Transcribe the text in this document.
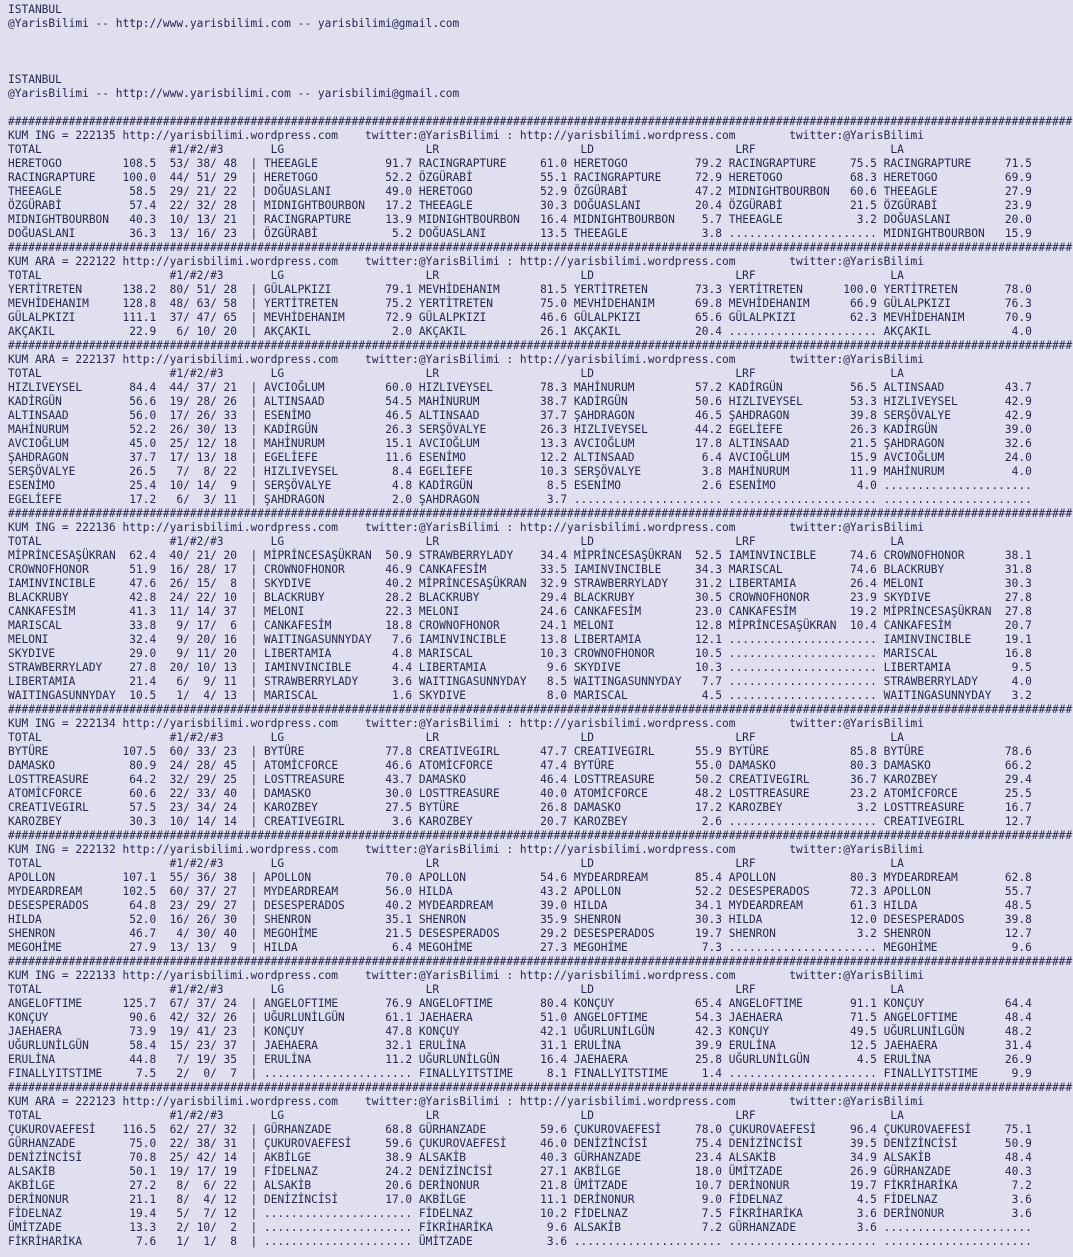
ISTANBUL
@YarisBilimi -- http://www.yarisbilimi.com -- yarisbilimi@gmail.com
ISTANBUL
@YarisBilimi -- http://www.yarisbilimi.com -- yarisbilimi@gmail.com
##############################################################################################################################################################
KUM ING = 222135 http://yarisbilimi.wordpress.com    twitter:@YarisBilimi : http://yarisbilimi.wordpress.com        twitter:@YarisBilimi
TOTAL                   #1/#2/#3       LG                     LR                     LD                     LRF                    LA
HERETOGO         108.5  53/ 38/ 48  | THEEAGLE          91.7 RACINGRAPTURE     61.0 HERETOGO          79.2 RACINGRAPTURE     75.5 RACINGRAPTURE     71.5
RACINGRAPTURE    100.0  44/ 51/ 29  | HERETOGO          52.2 ÖZGÜRABİ          55.1 RACINGRAPTURE     72.9 HERETOGO          68.3 HERETOGO          69.9
THEEAGLE          58.5  29/ 21/ 22  | DOĞUASLANI        49.0 HERETOGO          52.9 ÖZGÜRABİ          47.2 MIDNIGHTBOURBON   60.6 THEEAGLE          27.9
ÖZGÜRABİ          57.4  22/ 32/ 28  | MIDNIGHTBOURBON   17.2 THEEAGLE          30.3 DOĞUASLANI        20.4 ÖZGÜRABİ          21.5 ÖZGÜRABİ          23.9
MIDNIGHTBOURBON   40.3  10/ 13/ 21  | RACINGRAPTURE     13.9 MIDNIGHTBOURBON   16.4 MIDNIGHTBOURBON    5.7 THEEAGLE           3.2 DOĞUASLANI        20.0
DOĞUASLANI        36.3  13/ 16/ 23  | ÖZGÜRABİ           5.2 DOĞUASLANI        13.5 THEEAGLE           3.8 ...................... MIDNIGHTBOURBON   15.9
##############################################################################################################################################################
KUM ARA = 222122 http://yarisbilimi.wordpress.com    twitter:@YarisBilimi : http://yarisbilimi.wordpress.com        twitter:@YarisBilimi
TOTAL                   #1/#2/#3       LG                     LR                     LD                     LRF                    LA
YERTİTRETEN      138.2  80/ 51/ 28  | GÜLALPKIZI        79.1 MEVHİDEHANIM      81.5 YERTİTRETEN       73.3 YERTİTRETEN      100.0 YERTİTRETEN       78.0
MEVHİDEHANIM     128.8  48/ 63/ 58  | YERTİTRETEN       75.2 YERTİTRETEN       75.0 MEVHİDEHANIM      69.8 MEVHİDEHANIM      66.9 GÜLALPKIZI        76.3
GÜLALPKIZI       111.1  37/ 47/ 65  | MEVHİDEHANIM      72.9 GÜLALPKIZI        46.6 GÜLALPKIZI        65.6 GÜLALPKIZI        62.3 MEVHİDEHANIM      70.9
AKÇAKIL           22.9   6/ 10/ 20  | AKÇAKIL            2.0 AKÇAKIL           26.1 AKÇAKIL           20.4 ...................... AKÇAKIL            4.0
##############################################################################################################################################################
KUM ARA = 222137 http://yarisbilimi.wordpress.com    twitter:@YarisBilimi : http://yarisbilimi.wordpress.com        twitter:@YarisBilimi
TOTAL                   #1/#2/#3       LG                     LR                     LD                     LRF                    LA
HIZLIVEYSEL       84.4  44/ 37/ 21  | AVCIOĞLUM         60.0 HIZLIVEYSEL       78.3 MAHİNURUM         57.2 KADİRGÜN          56.5 ALTINSAAD         43.7
KADİRGÜN          56.6  19/ 28/ 26  | ALTINSAAD         54.5 MAHİNURUM         38.7 KADİRGÜN          50.6 HIZLIVEYSEL       53.3 HIZLIVEYSEL       42.9
ALTINSAAD         56.0  17/ 26/ 33  | ESENİMO           46.5 ALTINSAAD         37.7 ŞAHDRAGON         46.5 ŞAHDRAGON         39.8 SERŞÖVALYE        42.9
MAHİNURUM         52.2  26/ 30/ 13  | KADİRGÜN          26.3 SERŞÖVALYE        26.3 HIZLIVEYSEL       44.2 EGELİEFE          26.3 KADİRGÜN          39.0
AVCIOĞLUM         45.0  25/ 12/ 18  | MAHİNURUM         15.1 AVCIOĞLUM         13.3 AVCIOĞLUM         17.8 ALTINSAAD         21.5 ŞAHDRAGON         32.6
ŞAHDRAGON         37.7  17/ 13/ 18  | EGELİEFE          11.6 ESENİMO           12.2 ALTINSAAD          6.4 AVCIOĞLUM         15.9 AVCIOĞLUM         24.0
SERŞÖVALYE        26.5   7/  8/ 22  | HIZLIVEYSEL        8.4 EGELİEFE          10.3 SERŞÖVALYE         3.8 MAHİNURUM         11.9 MAHİNURUM          4.0
ESENİMO           25.4  10/ 14/  9  | SERŞÖVALYE         4.8 KADİRGÜN           8.5 ESENİMO            2.6 ESENİMO            4.0 ......................
EGELİEFE          17.2   6/  3/ 11  | ŞAHDRAGON          2.0 ŞAHDRAGON          3.7 ...................... ...................... ......................
##############################################################################################################################################################
KUM ING = 222136 http://yarisbilimi.wordpress.com    twitter:@YarisBilimi : http://yarisbilimi.wordpress.com        twitter:@YarisBilimi
TOTAL                   #1/#2/#3       LG                     LR                     LD                     LRF                    LA
MİPRİNCESAŞÜKRAN  62.4  40/ 21/ 20  | MİPRİNCESAŞÜKRAN  50.9 STRAWBERRYLADY    34.4 MİPRİNCESAŞÜKRAN  52.5 IAMINVINCIBLE     74.6 CROWNOFHONOR      38.1
CROWNOFHONOR      51.9  16/ 28/ 17  | CROWNOFHONOR      46.9 CANKAFESİM        33.5 IAMINVINCIBLE     34.3 MARISCAL          74.6 BLACKRUBY         31.8
IAMINVINCIBLE     47.6  26/ 15/  8  | SKYDIVE           40.2 MİPRİNCESAŞÜKRAN  32.9 STRAWBERRYLADY    31.2 LIBERTAMIA        26.4 MELONI            30.3
BLACKRUBY         42.8  24/ 22/ 10  | BLACKRUBY         28.2 BLACKRUBY         29.4 BLACKRUBY         30.5 CROWNOFHONOR      23.9 SKYDIVE           27.8
CANKAFESİM        41.3  11/ 14/ 37  | MELONI            22.3 MELONI            24.6 CANKAFESİM        23.0 CANKAFESİM        19.2 MİPRİNCESAŞÜKRAN  27.8
MARISCAL          33.8   9/ 17/  6  | CANKAFESİM        18.8 CROWNOFHONOR      24.1 MELONI            12.8 MİPRİNCESAŞÜKRAN  10.4 CANKAFESİM        20.7
MELONI            32.4   9/ 20/ 16  | WAITINGASUNNYDAY   7.6 IAMINVINCIBLE     13.8 LIBERTAMIA        12.1 ...................... IAMINVINCIBLE     19.1
SKYDIVE           29.0   9/ 11/ 20  | LIBERTAMIA         4.8 MARISCAL          10.3 CROWNOFHONOR      10.5 ...................... MARISCAL          16.8
STRAWBERRYLADY    27.8  20/ 10/ 13  | IAMINVINCIBLE      4.4 LIBERTAMIA         9.6 SKYDIVE           10.3 ...................... LIBERTAMIA         9.5
LIBERTAMIA        21.4   6/  9/ 11  | STRAWBERRYLADY     3.6 WAITINGASUNNYDAY   8.5 WAITINGASUNNYDAY   7.7 ...................... STRAWBERRYLADY     4.0
WAITINGASUNNYDAY  10.5   1/  4/ 13  | MARISCAL           1.6 SKYDIVE            8.0 MARISCAL           4.5 ...................... WAITINGASUNNYDAY   3.2
##############################################################################################################################################################
KUM ING = 222134 http://yarisbilimi.wordpress.com    twitter:@YarisBilimi : http://yarisbilimi.wordpress.com        twitter:@YarisBilimi
TOTAL                   #1/#2/#3       LG                     LR                     LD                     LRF                    LA
BYTÜRE           107.5  60/ 33/ 23  | BYTÜRE            77.8 CREATIVEGIRL      47.7 CREATIVEGIRL      55.9 BYTÜRE            85.8 BYTÜRE            78.6
DAMASKO           80.9  24/ 28/ 45  | ATOMİCFORCE       46.6 ATOMİCFORCE       47.4 BYTÜRE            55.0 DAMASKO           80.3 DAMASKO           66.2
LOSTTREASURE      64.2  32/ 29/ 25  | LOSTTREASURE      43.7 DAMASKO           46.4 LOSTTREASURE      50.2 CREATIVEGIRL      36.7 KAROZBEY          29.4
ATOMİCFORCE       60.6  22/ 33/ 40  | DAMASKO           30.0 LOSTTREASURE      40.0 ATOMİCFORCE       48.2 LOSTTREASURE      23.2 ATOMİCFORCE       25.5
CREATIVEGIRL      57.5  23/ 34/ 24  | KAROZBEY          27.5 BYTÜRE            26.8 DAMASKO           17.2 KAROZBEY           3.2 LOSTTREASURE      16.7
KAROZBEY          30.3  10/ 14/ 14  | CREATIVEGIRL       3.6 KAROZBEY          20.7 KAROZBEY           2.6 ...................... CREATIVEGIRL      12.7
##############################################################################################################################################################
KUM ING = 222132 http://yarisbilimi.wordpress.com    twitter:@YarisBilimi : http://yarisbilimi.wordpress.com        twitter:@YarisBilimi
TOTAL                   #1/#2/#3       LG                     LR                     LD                     LRF                    LA
APOLLON          107.1  55/ 36/ 38  | APOLLON           70.0 APOLLON           54.6 MYDEARDREAM       85.4 APOLLON           80.3 MYDEARDREAM       62.8
MYDEARDREAM      102.5  60/ 37/ 27  | MYDEARDREAM       56.0 HILDA             43.2 APOLLON           52.2 DESESPERADOS      72.3 APOLLON           55.7
DESESPERADOS      64.8  23/ 29/ 27  | DESESPERADOS      40.2 MYDEARDREAM       39.0 HILDA             34.1 MYDEARDREAM       61.3 HILDA             48.5
HILDA             52.0  16/ 26/ 30  | SHENRON           35.1 SHENRON           35.9 SHENRON           30.3 HILDA             12.0 DESESPERADOS      39.8
SHENRON           46.7   4/ 30/ 40  | MEGOHİME          21.5 DESESPERADOS      29.2 DESESPERADOS      19.7 SHENRON            3.2 SHENRON           12.7
MEGOHİME          27.9  13/ 13/  9  | HILDA              6.4 MEGOHİME          27.3 MEGOHİME           7.3 ...................... MEGOHİME           9.6
##############################################################################################################################################################
KUM ING = 222133 http://yarisbilimi.wordpress.com    twitter:@YarisBilimi : http://yarisbilimi.wordpress.com        twitter:@YarisBilimi
TOTAL                   #1/#2/#3       LG                     LR                     LD                     LRF                    LA
ANGELOFTIME      125.7  67/ 37/ 24  | ANGELOFTIME       76.9 ANGELOFTIME       80.4 KONÇUY            65.4 ANGELOFTIME       91.1 KONÇUY            64.4
KONÇUY            90.6  42/ 32/ 26  | UĞURLUNİLGÜN      61.1 JAEHAERA          51.0 ANGELOFTIME       54.3 JAEHAERA          71.5 ANGELOFTIME       48.4
JAEHAERA          73.9  19/ 41/ 23  | KONÇUY            47.8 KONÇUY            42.1 UĞURLUNİLGÜN      42.3 KONÇUY            49.5 UĞURLUNİLGÜN      48.2
UĞURLUNİLGÜN      58.4  15/ 23/ 37  | JAEHAERA          32.1 ERULİNA           31.1 ERULİNA           39.9 ERULİNA           12.5 JAEHAERA          31.4
ERULİNA           44.8   7/ 19/ 35  | ERULİNA           11.2 UĞURLUNİLGÜN      16.4 JAEHAERA          25.8 UĞURLUNİLGÜN       4.5 ERULİNA           26.9
FINALLYITSTIME     7.5   2/  0/  7  | ...................... FINALLYITSTIME     8.1 FINALLYITSTIME     1.4 ...................... FINALLYITSTIME     9.9
##############################################################################################################################################################
KUM ARA = 222123 http://yarisbilimi.wordpress.com    twitter:@YarisBilimi : http://yarisbilimi.wordpress.com        twitter:@YarisBilimi
TOTAL                   #1/#2/#3       LG                     LR                     LD                     LRF                    LA
ÇUKUROVAEFESİ    116.5  62/ 27/ 32  | GÜRHANZADE        68.8 GÜRHANZADE        59.6 ÇUKUROVAEFESİ     78.0 ÇUKUROVAEFESİ     96.4 ÇUKUROVAEFESİ     75.1
GÜRHANZADE        75.0  22/ 38/ 31  | ÇUKUROVAEFESİ     59.6 ÇUKUROVAEFESİ     46.0 DENİZİNCİSİ       75.4 DENİZİNCİSİ       39.5 DENİZİNCİSİ       50.9
DENİZİNCİSİ       70.8  25/ 42/ 14  | AKBİLGE           38.9 ALSAKİB           40.3 GÜRHANZADE        23.4 ALSAKİB           34.9 ALSAKİB           48.4
ALSAKİB           50.1  19/ 17/ 19  | FİDELNAZ          24.2 DENİZİNCİSİ       27.1 AKBİLGE           18.0 ÜMİTZADE          26.9 GÜRHANZADE        40.3
AKBİLGE           27.2   8/  6/ 22  | ALSAKİB           20.6 DERİNONUR         21.8 ÜMİTZADE          10.7 DERİNONUR         19.7 FİKRİHARİKA        7.2
DERİNONUR         21.1   8/  4/ 12  | DENİZİNCİSİ       17.0 AKBİLGE           11.1 DERİNONUR          9.0 FİDELNAZ           4.5 FİDELNAZ           3.6
FİDELNAZ          19.4   5/  7/ 12  | ...................... FİDELNAZ          10.2 FİDELNAZ           7.5 FİKRİHARİKA        3.6 DERİNONUR          3.6
ÜMİTZADE          13.3   2/ 10/  2  | ...................... FİKRİHARİKA        9.6 ALSAKİB            7.2 GÜRHANZADE         3.6 ......................
FİKRİHARİKA        7.6   1/  1/  8  | ...................... ÜMİTZADE           3.6 ...................... ...................... ......................
